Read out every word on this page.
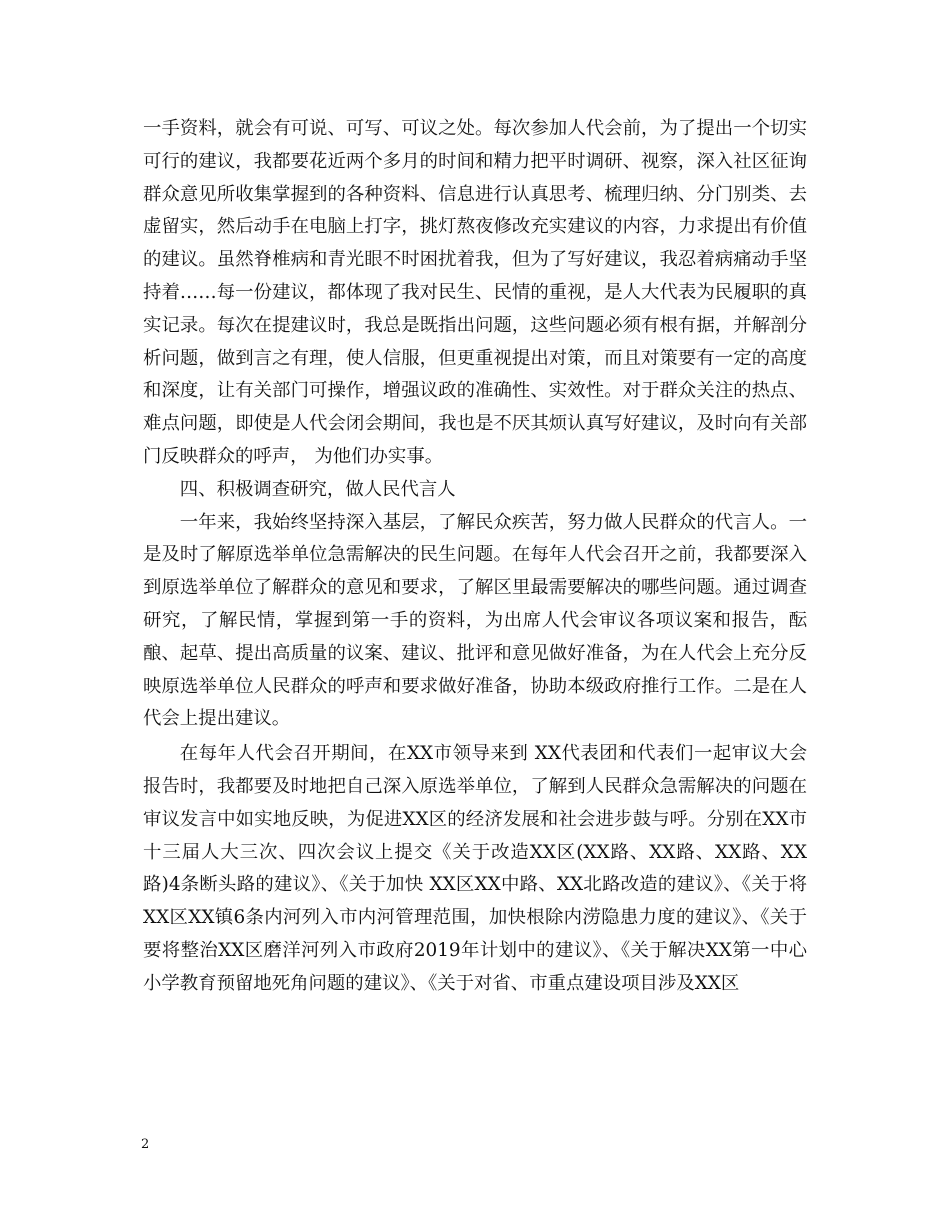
一手资料，就会有可说、可写、可议之处。每次参加人代会前，为了提出一个切实可行的建议，我都要花近两个多月的时间和精力把平时调研、视察，深入社区征询群众意见所收集掌握到的各种资料、信息进行认真思考、梳理归纳、分门别类、去虚留实，然后动手在电脑上打字，挑灯熬夜修改充实建议的内容，力求提出有价值的建议。虽然脊椎病和青光眼不时困扰着我，但为了写好建议，我忍着病痛动手坚持着……每一份建议，都体现了我对民生、民情的重视，是人大代表为民履职的真实记录。每次在提建议时，我总是既指出问题，这些问题必须有根有据，并解剖分析问题，做到言之有理，使人信服，但更重视提出对策，而且对策要有一定的高度和深度，让有关部门可操作，增强议政的准确性、实效性。对于群众关注的热点、难点问题，即使是人代会闭会期间，我也是不厌其烦认真写好建议，及时向有关部门反映群众的呼声， 为他们办实事。

四、积极调查研究，做人民代言人

一年来，我始终坚持深入基层，了解民众疾苦，努力做人民群众的代言人。一是及时了解原选举单位急需解决的民生问题。在每年人代会召开之前，我都要深入到原选举单位了解群众的意见和要求，了解区里最需要解决的哪些问题。通过调查研究，了解民情，掌握到第一手的资料，为出席人代会审议各项议案和报告，酝酿、起草、提出高质量的议案、建议、批评和意见做好准备，为在人代会上充分反映原选举单位人民群众的呼声和要求做好准备，协助本级政府推行工作。二是在人代会上提出建议。

在每年人代会召开期间，在XX市领导来到 XX代表团和代表们一起审议大会报告时，我都要及时地把自己深入原选举单位，了解到人民群众急需解决的问题在审议发言中如实地反映，为促进XX区的经济发展和社会进步鼓与呼。分别在XX市十三届人大三次、四次会议上提交《关于改造XX区(XX路、XX路、XX路、XX路)4条断头路的建议》、《关于加快 XX区XX中路、XX北路改造的建议》、《关于将XX区XX镇6条内河列入市内河管理范围，加快根除内涝隐患力度的建议》、《关于要将整治XX区磨洋河列入市政府2019年计划中的建议》、《关于解决XX第一中心小学教育预留地死角问题的建议》、《关于对省、市重点建设项目涉及XX区

2
